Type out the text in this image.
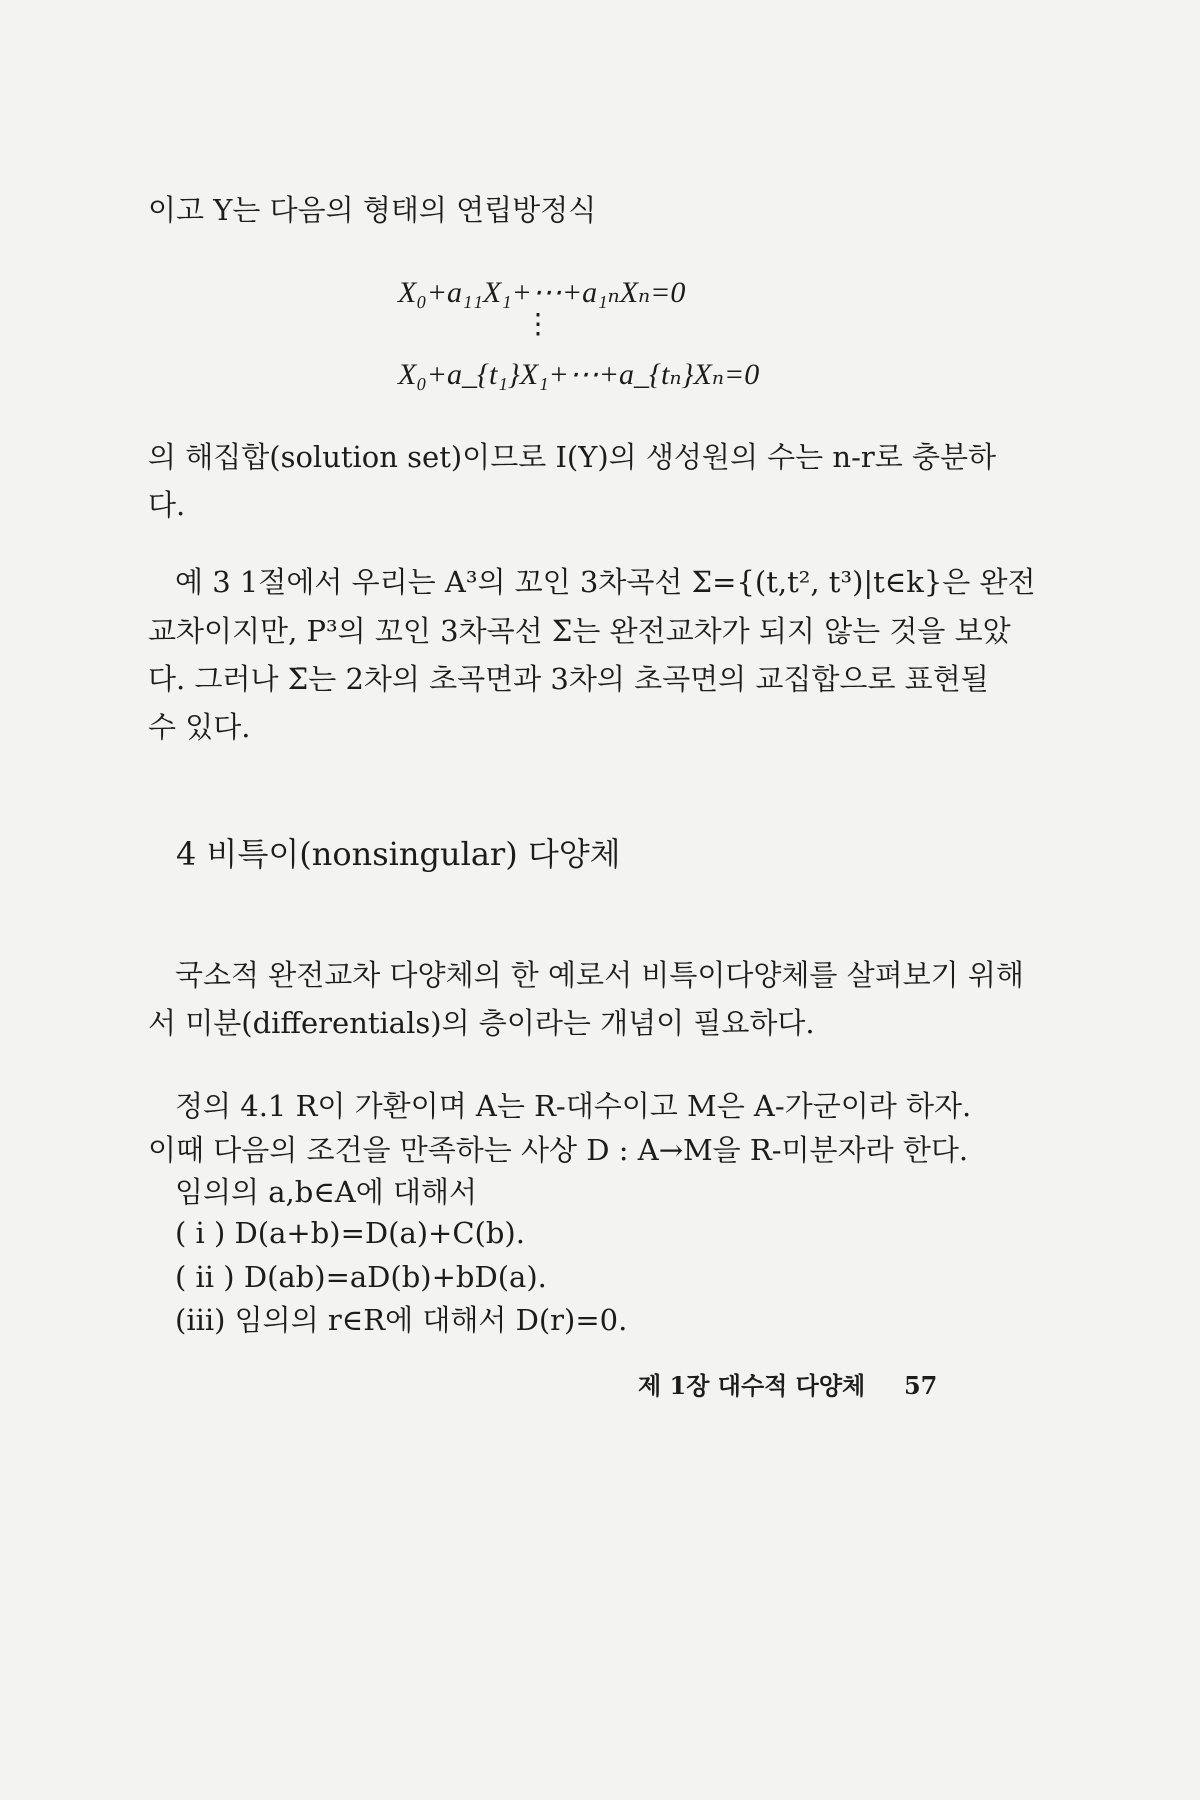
이고 Y는 다음의 형태의 연립방정식
X₀+a₁₁X₁+⋯+a₁ₙXₙ=0
⋮
X₀+a_{t₁}X₁+⋯+a_{tₙ}Xₙ=0
의 해집합(solution set)이므로 I(Y)의 생성원의 수는 n-r로 충분하
다.
예 3 1절에서 우리는 A³의 꼬인 3차곡선 Σ={(t,t², t³)|t∈k}은 완전
교차이지만, P³의 꼬인 3차곡선 Σ̄는 완전교차가 되지 않는 것을 보았
다. 그러나 Σ̄는 2차의 초곡면과 3차의 초곡면의 교집합으로 표현될
수 있다.
4 비특이(nonsingular) 다양체
국소적 완전교차 다양체의 한 예로서 비특이다양체를 살펴보기 위해
서 미분(differentials)의 층이라는 개념이 필요하다.
정의 4.1 R이 가환이며 A는 R-대수이고 M은 A-가군이라 하자.
이때 다음의 조건을 만족하는 사상 D : A→M을 R-미분자라 한다.
임의의 a,b∈A에 대해서
( i ) D(a+b)=D(a)+C(b).
( ii ) D(ab)=aD(b)+bD(a).
(iii) 임의의 r∈R에 대해서 D(r)=0.
제 1장 대수적 다양체 57
